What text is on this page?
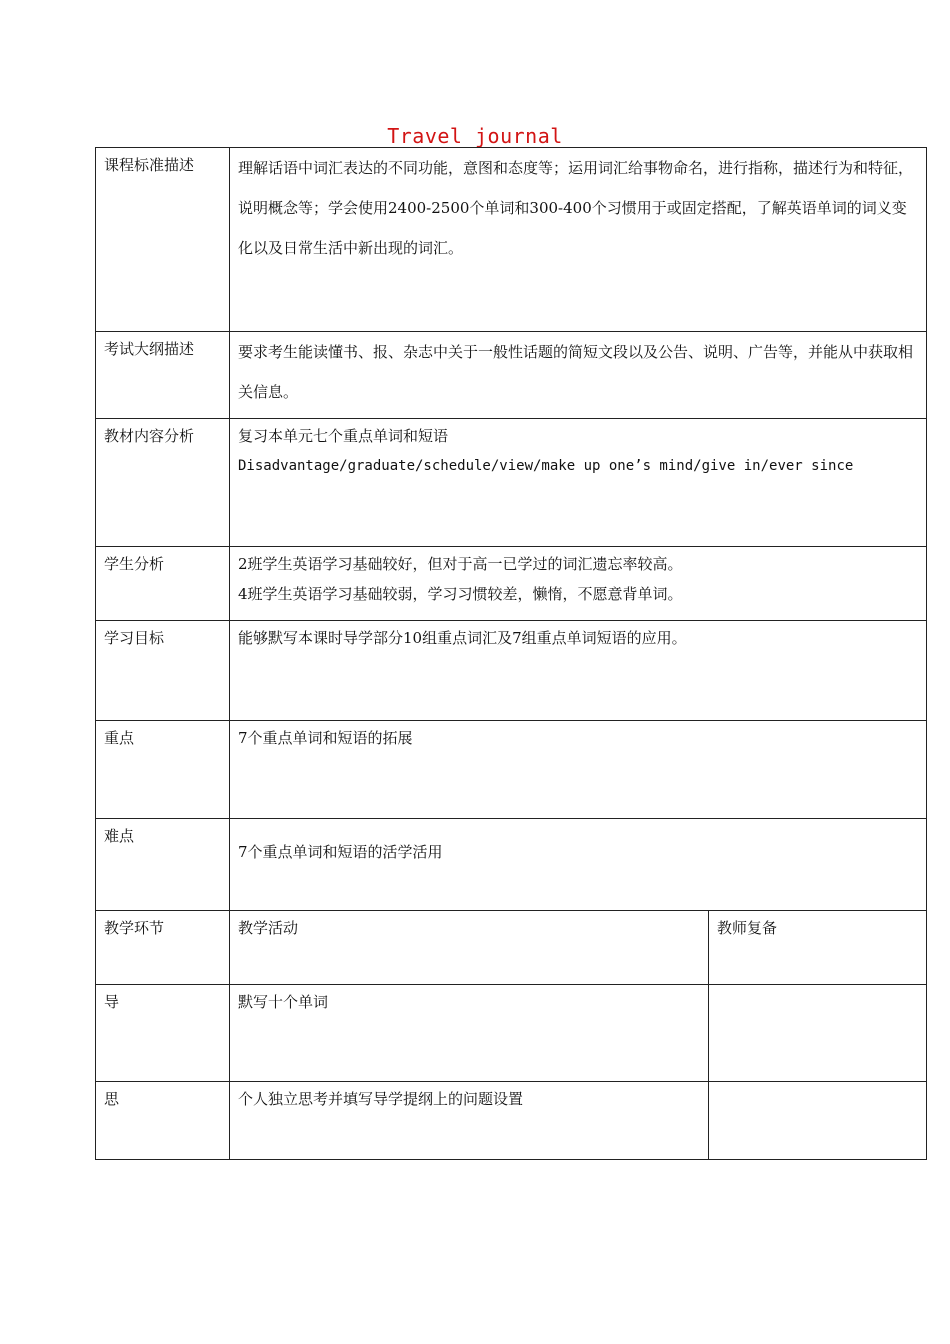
Travel journal
课程标准描述	理解话语中词汇表达的不同功能，意图和态度等；运用词汇给事物命名，进行指称，描述行为和特征，说明概念等；学会使用2400-2500个单词和300-400个习惯用于或固定搭配，了解英语单词的词义变化以及日常生活中新出现的词汇。	

考试大纲描述	要求考生能读懂书、报、杂志中关于一般性话题的简短文段以及公告、说明、广告等，并能从中获取相关信息。	

教材内容分析	复习本单元七个重点单词和短语

Disadvantage/graduate/schedule/view/make up one’s mind/give in/ever since	

学生分析	2班学生英语学习基础较好，但对于高一已学过的词汇遗忘率较高。

4班学生英语学习基础较弱，学习习惯较差，懒惰，不愿意背单词。	

学习目标	能够默写本课时导学部分10组重点词汇及7组重点单词短语的应用。	

重点	7个重点单词和短语的拓展	

难点	7个重点单词和短语的活学活用	

教学环节	教学活动	教师复备
导	默写十个单词	
思	个人独立思考并填写导学提纲上的问题设置	
